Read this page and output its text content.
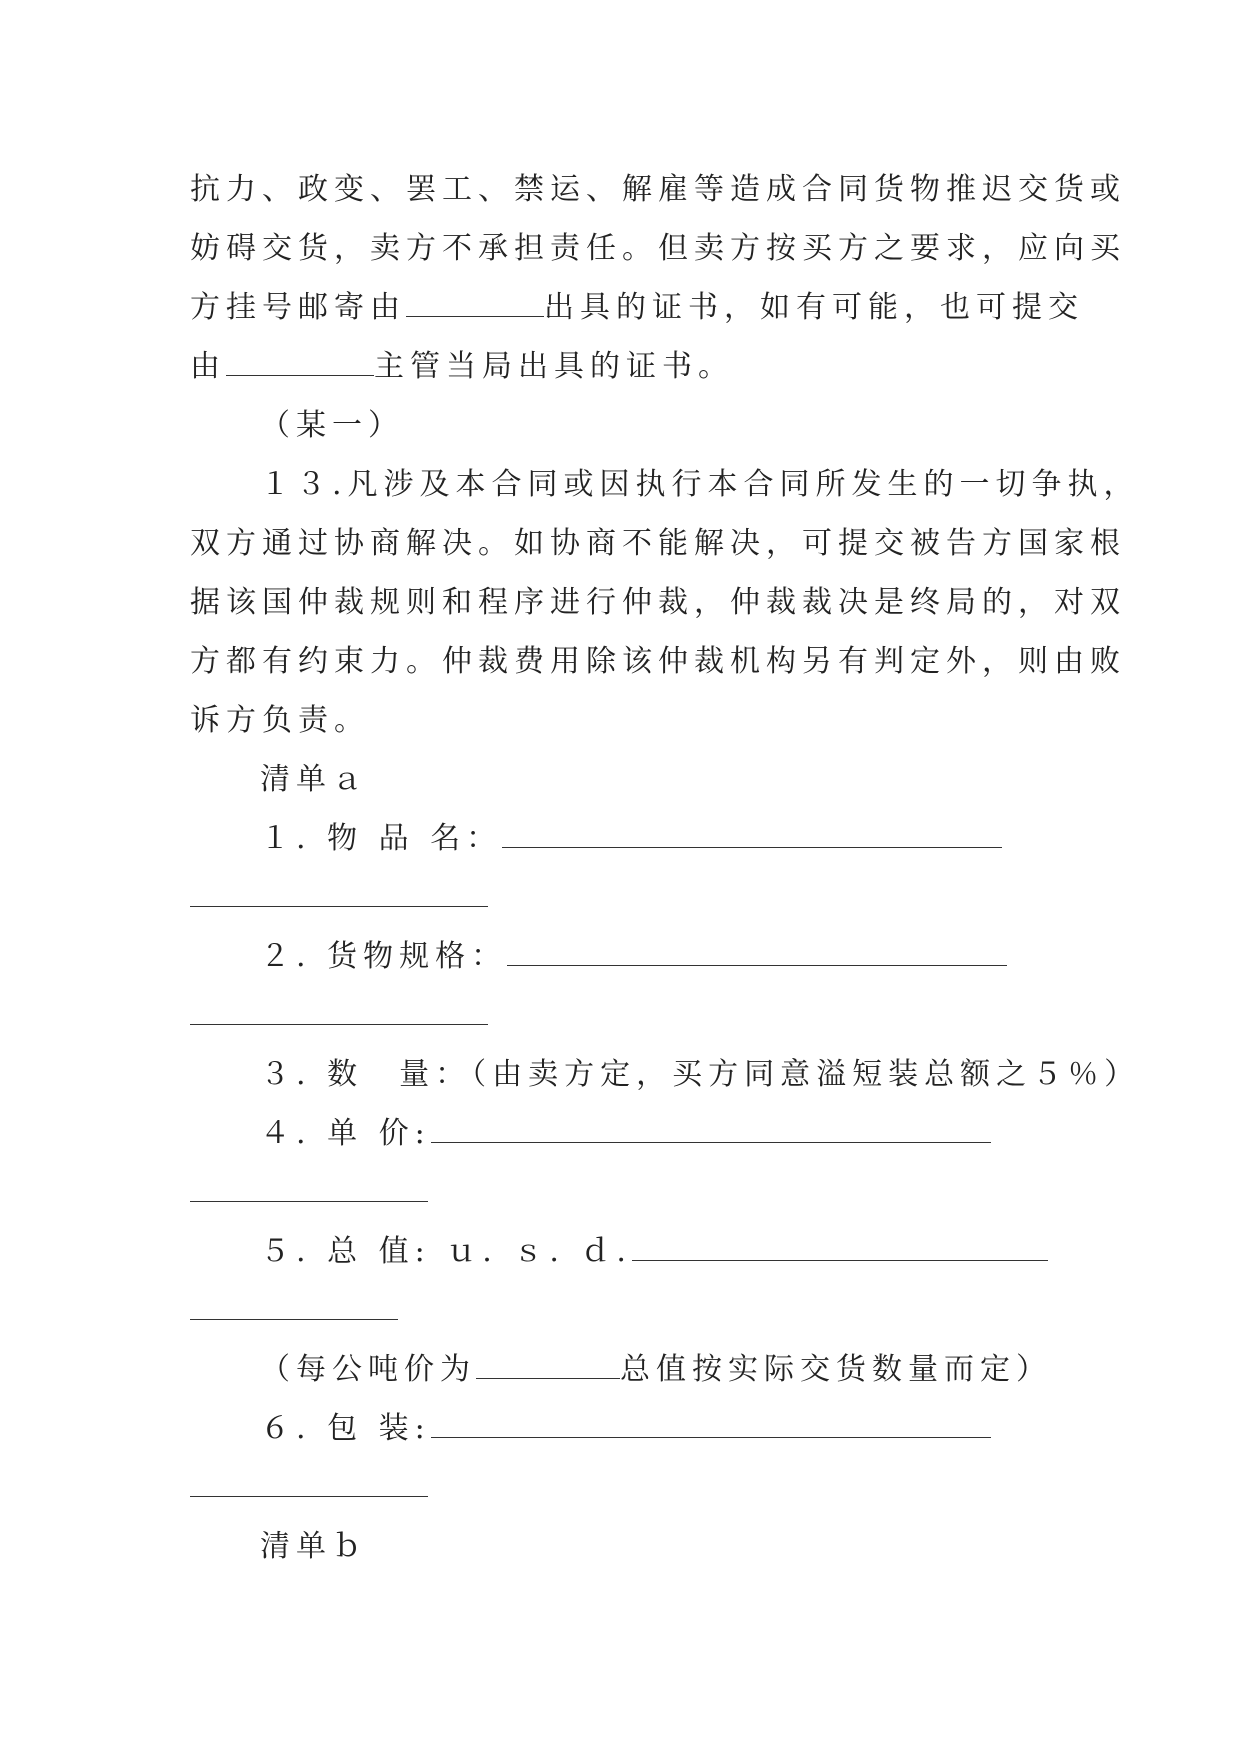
抗力、政变、罢工、禁运、解雇等造成合同货物推迟交货或
妨碍交货，卖方不承担责任。但卖方按买方之要求，应向买
方挂号邮寄由	出具的证书，如有可能，也可提交
由	主管当局出具的证书。
（某一）
１３.凡涉及本合同或因执行本合同所发生的一切争执，
双方通过协商解决。如协商不能解决，可提交被告方国家根
据该国仲裁规则和程序进行仲裁，仲裁裁决是终局的，对双
方都有约束力。仲裁费用除该仲裁机构另有判定外，则由败
诉方负责。
清单ａ
１. 物 品 名：
２. 货物规格：
３. 数　量：（由卖方定，买方同意溢短装总额之５％）
４. 单 价:
５. 总 值: ｕ. ｓ. ｄ.
（每公吨价为	总值按实际交货数量而定）
６. 包 装:
清单ｂ
